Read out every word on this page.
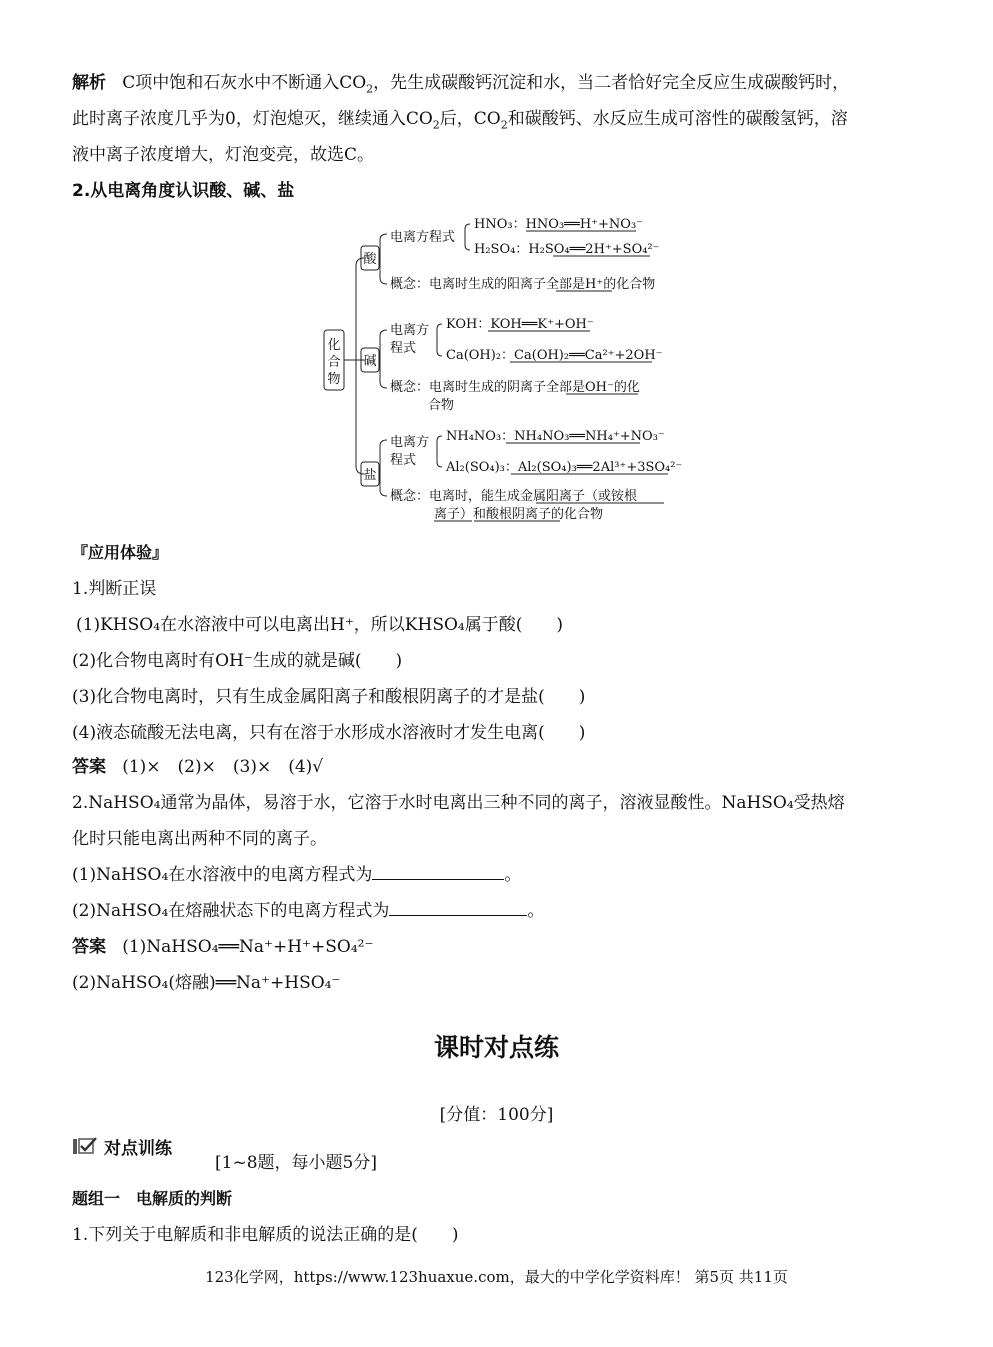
解析 C项中饱和石灰水中不断通入$CO_2$，先生成碳酸钙沉淀和水，当二者恰好完全反应生成碳酸钙时，
此时离子浓度几乎为0，灯泡熄灭，继续通入$CO_2$后，$CO_2$和碳酸钙、水反应生成可溶性的碳酸氢钙，溶
液中离子浓度增大，灯泡变亮，故选C。
2.从电离角度认识酸、碱、盐
化
合
物
酸
碱
盐
电离方程式
HNO₃：HNO₃══H⁺+NO₃⁻
H₂SO₄：H₂SO₄══2H⁺+SO₄²⁻
概念：电离时生成的阳离子全部是H⁺的化合物
电离方
程式
KOH：KOH══K⁺+OH⁻
Ca(OH)₂：Ca(OH)₂══Ca²⁺+2OH⁻
概念：电离时生成的阴离子全部是OH⁻的化
合物
电离方
程式
NH₄NO₃：NH₄NO₃══NH₄⁺+NO₃⁻
Al₂(SO₄)₃：Al₂(SO₄)₃══2Al³⁺+3SO₄²⁻
概念：电离时，能生成金属阳离子（或铵根
离子）和酸根阴离子的化合物
『应用体验』
1.判断正误
(1)KHSO₄在水溶液中可以电离出H⁺，所以KHSO₄属于酸(　　)
(2)化合物电离时有OH⁻生成的就是碱(　　)
(3)化合物电离时，只有生成金属阳离子和酸根阴离子的才是盐(　　)
(4)液态硫酸无法电离，只有在溶于水形成水溶液时才发生电离(　　)
答案 (1)×　(2)×　(3)×　(4)√
2.NaHSO₄通常为晶体，易溶于水，它溶于水时电离出三种不同的离子，溶液显酸性。NaHSO₄受热熔
化时只能电离出两种不同的离子。
(1)NaHSO₄在水溶液中的电离方程式为	。
(2)NaHSO₄在熔融状态下的电离方程式为	。
答案 (1)NaHSO₄══Na⁺+H⁺+SO₄²⁻
(2)NaHSO₄(熔融)══Na⁺+HSO₄⁻
课时对点练
[分值：100分]
对点训练
[1~8题，每小题5分]
题组一　电解质的判断
1.下列关于电解质和非电解质的说法正确的是(　　)
123化学网，https://www.123huaxue.com，最大的中学化学资料库！ 第5页 共11页
